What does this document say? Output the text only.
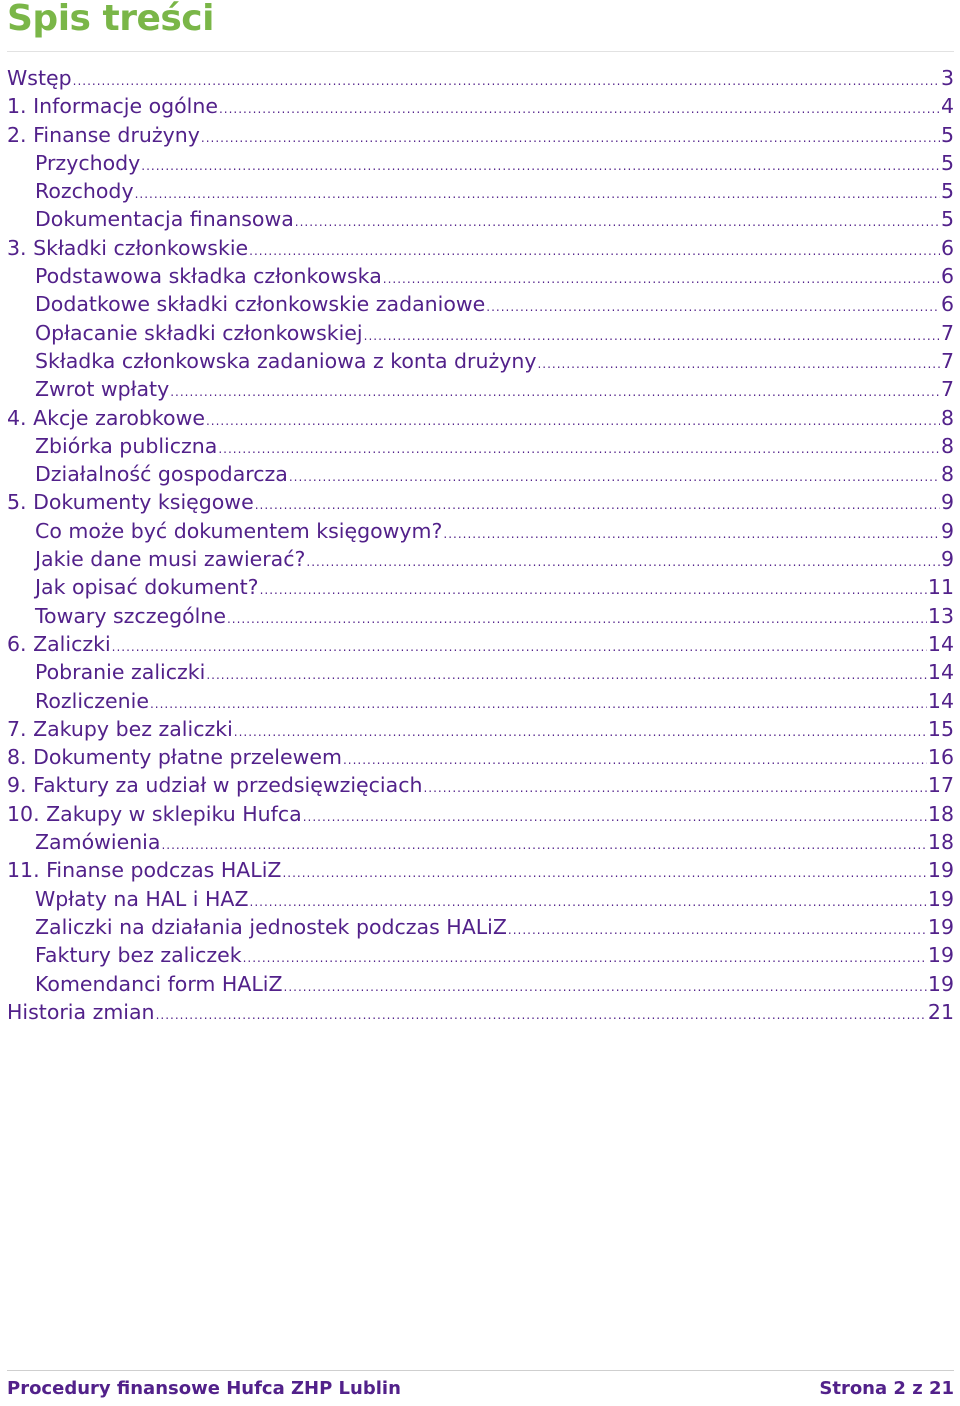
Spis treści
Wstęp .....	3
1. Informacje ogólne .....	4
2. Finanse drużyny .....	5
Przychody .....	5
Rozchody .....	5
Dokumentacja finansowa .....	5
3. Składki członkowskie .....	6
Podstawowa składka członkowska .....	6
Dodatkowe składki członkowskie zadaniowe .....	6
Opłacanie składki członkowskiej .....	7
Składka członkowska zadaniowa z konta drużyny .....	7
Zwrot wpłaty .....	7
4. Akcje zarobkowe .....	8
Zbiórka publiczna .....	8
Działalność gospodarcza .....	8
5. Dokumenty księgowe .....	9
Co może być dokumentem księgowym? .....	9
Jakie dane musi zawierać? .....	9
Jak opisać dokument? .....	11
Towary szczególne .....	13
6. Zaliczki .....	14
Pobranie zaliczki .....	14
Rozliczenie .....	14
7. Zakupy bez zaliczki .....	15
8. Dokumenty płatne przelewem .....	16
9. Faktury za udział w przedsięwzięciach .....	17
10. Zakupy w sklepiku Hufca .....	18
Zamówienia .....	18
11. Finanse podczas HALiZ .....	19
Wpłaty na HAL i HAZ .....	19
Zaliczki na działania jednostek podczas HALiZ .....	19
Faktury bez zaliczek .....	19
Komendanci form HALiZ .....	19
Historia zmian .....	21
Procedury finansowe Hufca ZHP Lublin	Strona 2 z 21
